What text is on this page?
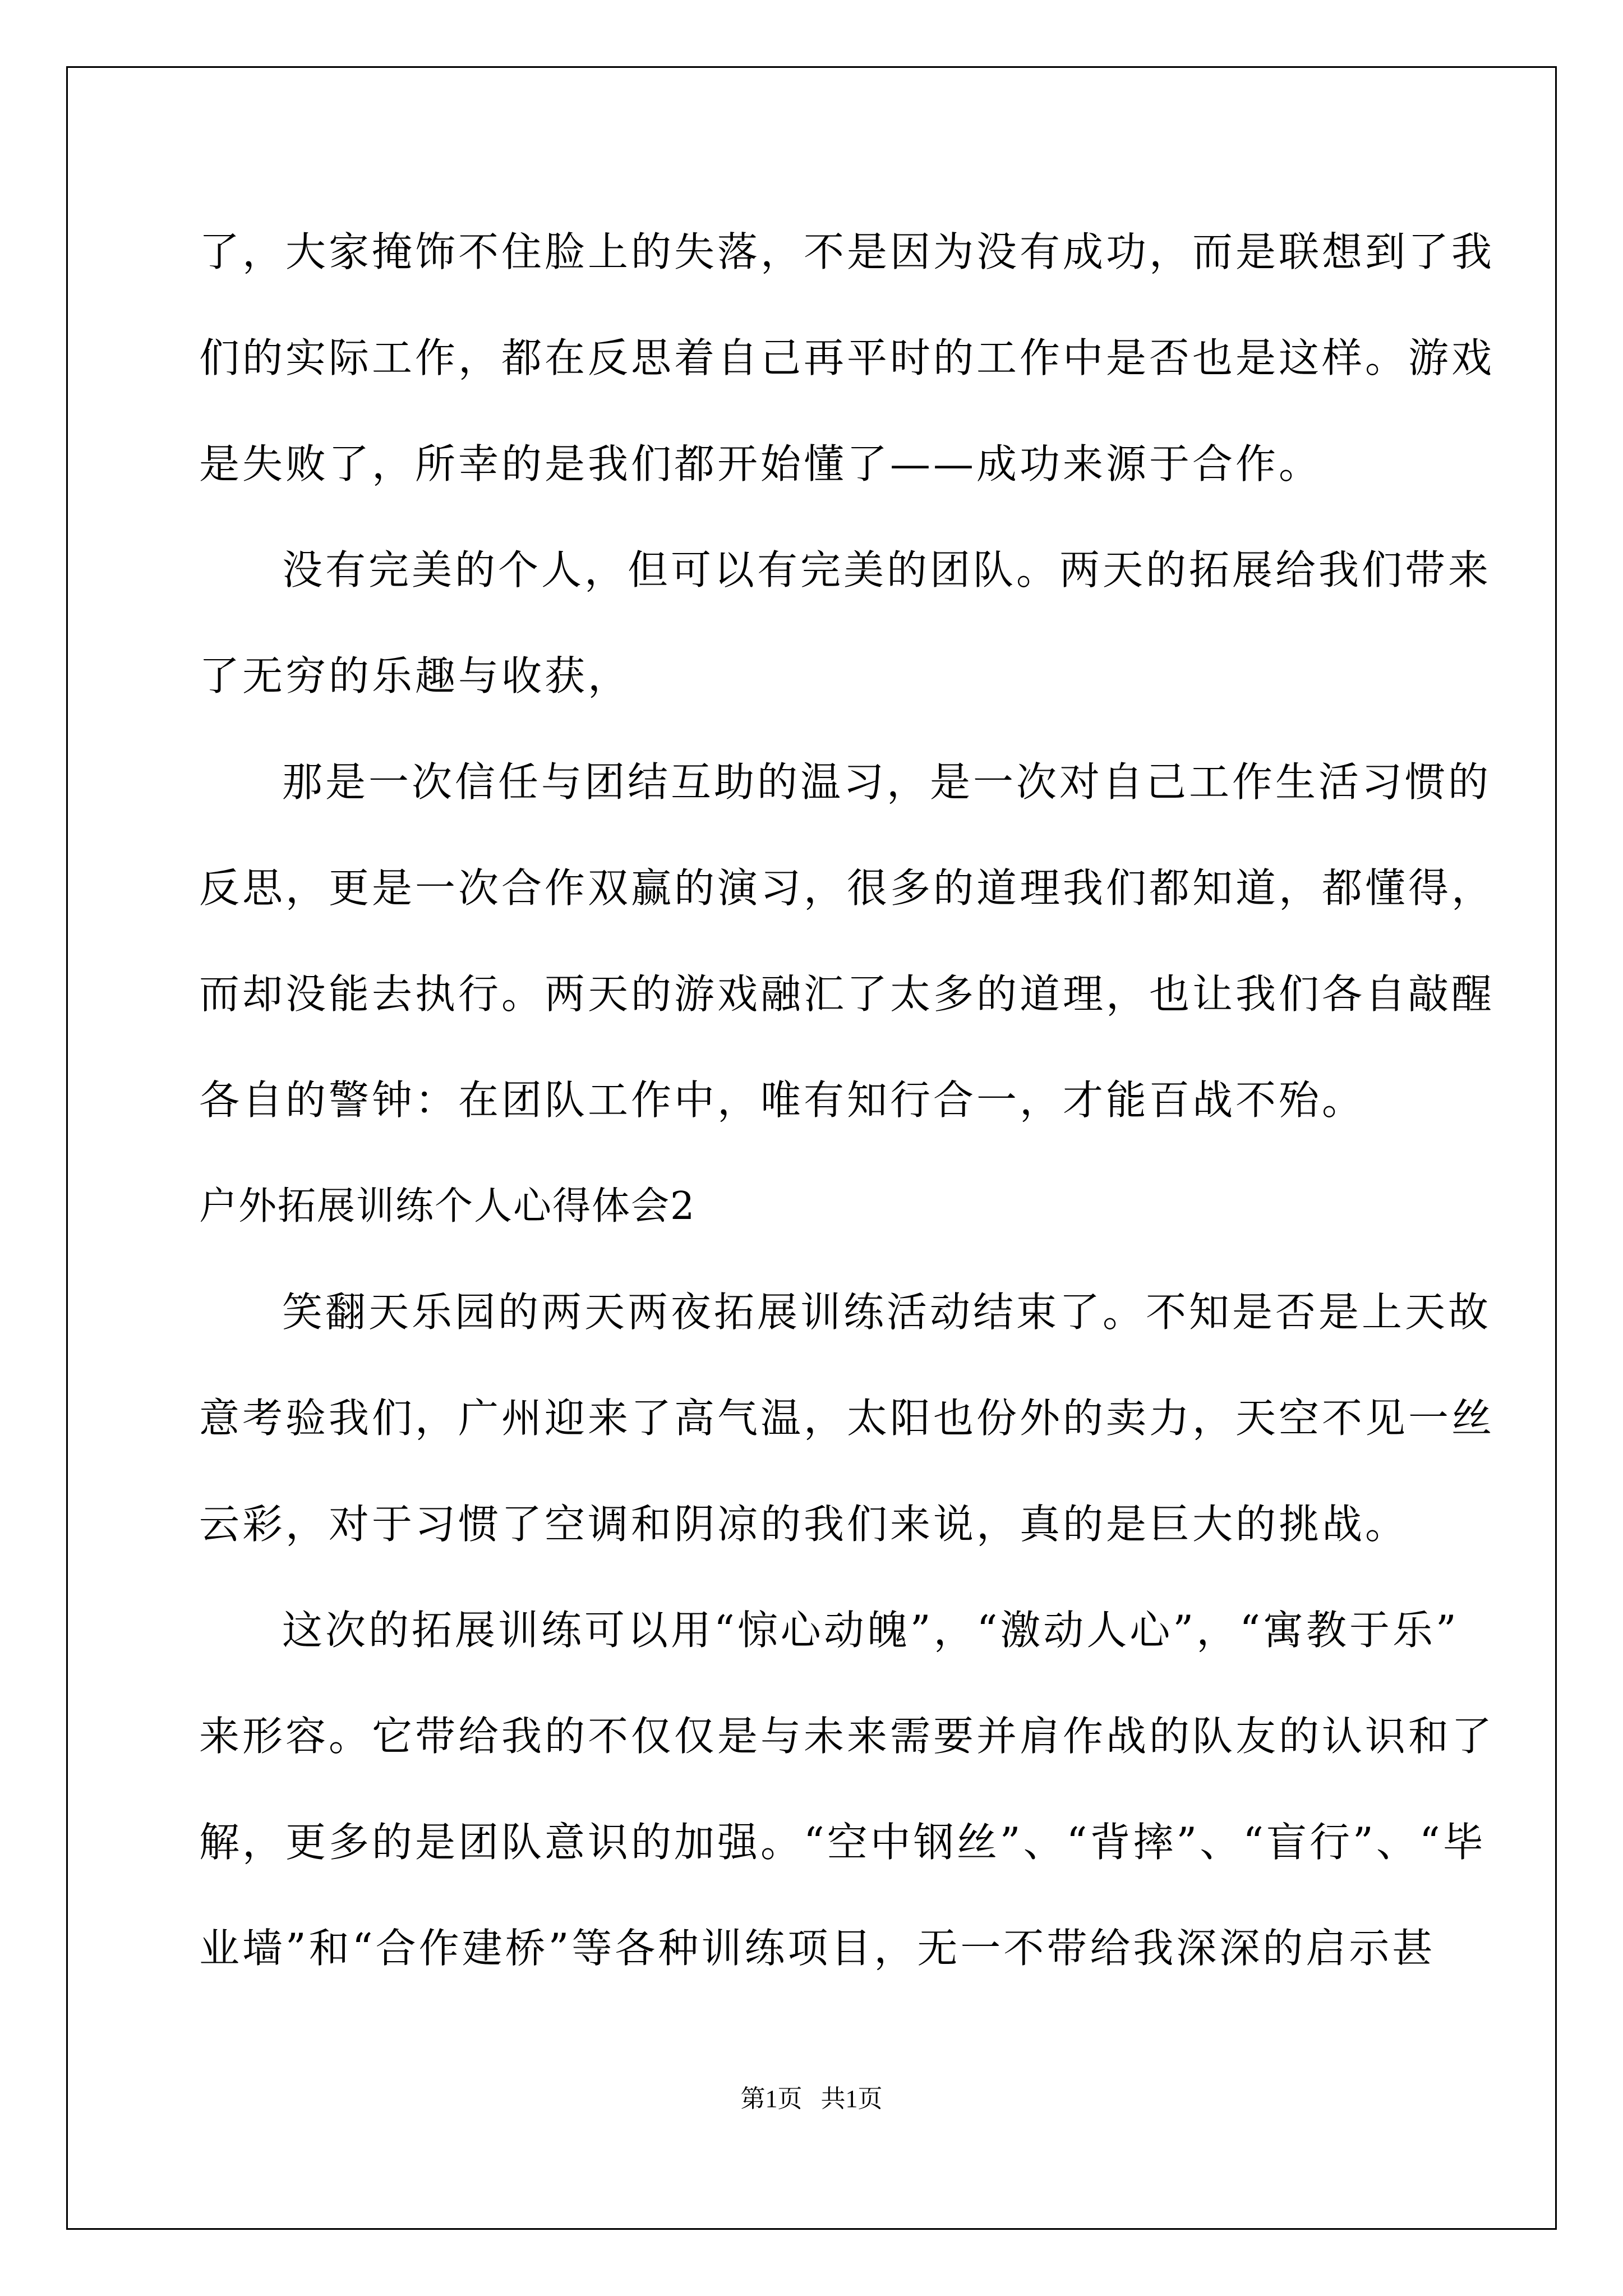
了，大家掩饰不住脸上的失落，不是因为没有成功，而是联想到了我
们的实际工作，都在反思着自己再平时的工作中是否也是这样。游戏
是失败了，所幸的是我们都开始懂了——成功来源于合作。
没有完美的个人，但可以有完美的团队。两天的拓展给我们带来
了无穷的乐趣与收获，
那是一次信任与团结互助的温习，是一次对自己工作生活习惯的
反思，更是一次合作双赢的演习，很多的道理我们都知道，都懂得，
而却没能去执行。两天的游戏融汇了太多的道理，也让我们各自敲醒
各自的警钟：在团队工作中，唯有知行合一，才能百战不殆。
户外拓展训练个人心得体会2
笑翻天乐园的两天两夜拓展训练活动结束了。不知是否是上天故
意考验我们，广州迎来了高气温，太阳也份外的卖力，天空不见一丝
云彩，对于习惯了空调和阴凉的我们来说，真的是巨大的挑战。
这次的拓展训练可以用“惊心动魄”，“激动人心”，“寓教于乐”
来形容。它带给我的不仅仅是与未来需要并肩作战的队友的认识和了
解，更多的是团队意识的加强。“空中钢丝”、“背摔”、“盲行”、“毕
业墙”和“合作建桥”等各种训练项目，无一不带给我深深的启示甚
第1页   共1页
